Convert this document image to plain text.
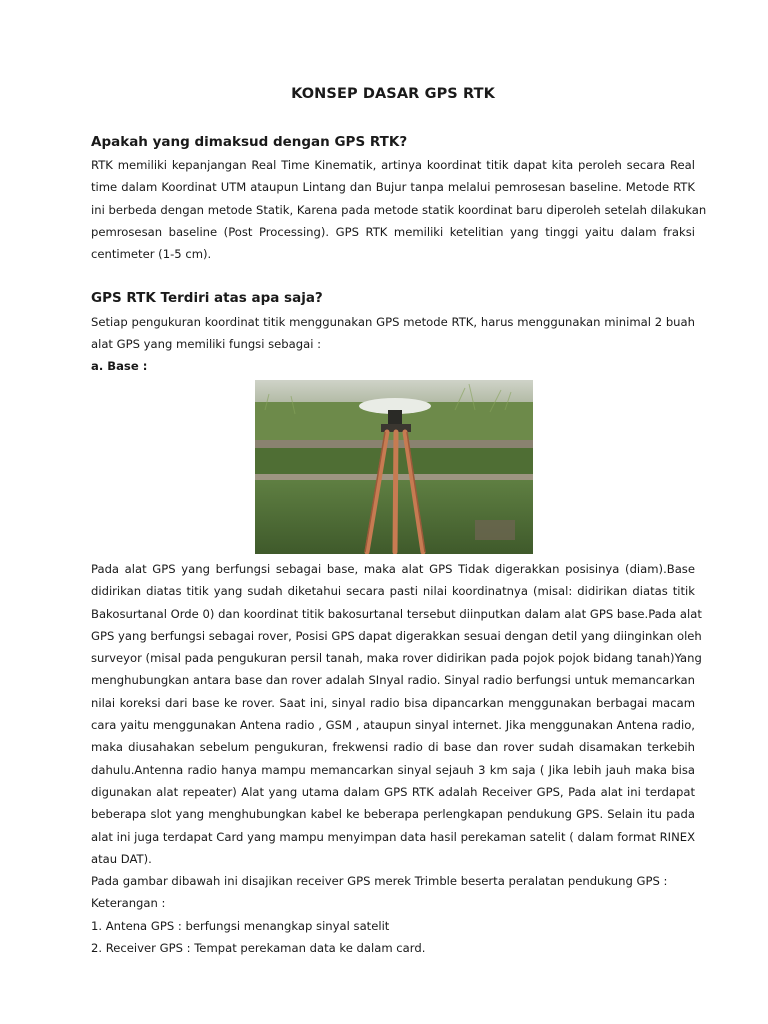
KONSEP DASAR GPS RTK
Apakah yang dimaksud dengan GPS RTK?
RTK memiliki kepanjangan Real Time Kinematik, artinya koordinat titik dapat kita peroleh secara Real
time dalam Koordinat UTM ataupun Lintang dan Bujur tanpa melalui pemrosesan baseline. Metode RTK
ini berbeda dengan metode Statik, Karena pada metode statik koordinat baru diperoleh setelah dilakukan
pemrosesan baseline (Post Processing). GPS RTK memiliki ketelitian yang tinggi yaitu dalam fraksi
centimeter (1-5 cm).
GPS RTK Terdiri atas apa saja?
Setiap pengukuran koordinat titik menggunakan GPS metode RTK, harus menggunakan minimal 2 buah
alat GPS yang memiliki fungsi sebagai :
a. Base :
Pada alat GPS yang berfungsi sebagai base, maka alat GPS Tidak digerakkan posisinya (diam).Base
didirikan diatas titik yang sudah diketahui secara pasti nilai koordinatnya (misal: didirikan diatas titik
Bakosurtanal Orde 0) dan koordinat titik bakosurtanal tersebut diinputkan dalam alat GPS base.Pada alat
GPS yang berfungsi sebagai rover, Posisi GPS dapat digerakkan sesuai dengan detil yang diinginkan oleh
surveyor (misal pada pengukuran persil tanah, maka rover didirikan pada pojok pojok bidang tanah)Yang
menghubungkan antara base dan rover adalah SInyal radio. Sinyal radio berfungsi untuk memancarkan
nilai koreksi dari base ke rover. Saat ini, sinyal radio bisa dipancarkan menggunakan berbagai macam
cara yaitu menggunakan Antena radio , GSM , ataupun sinyal internet. Jika menggunakan Antena radio,
maka diusahakan sebelum pengukuran, frekwensi radio di base dan rover sudah disamakan terkebih
dahulu.Antenna radio hanya mampu memancarkan sinyal sejauh 3 km saja ( Jika lebih jauh maka bisa
digunakan alat repeater) Alat yang utama dalam GPS RTK adalah Receiver GPS, Pada alat ini terdapat
beberapa slot yang menghubungkan kabel ke beberapa perlengkapan pendukung GPS. Selain itu pada
alat ini juga terdapat Card yang mampu menyimpan data hasil perekaman satelit ( dalam format RINEX
atau DAT).
Pada gambar dibawah ini disajikan receiver GPS merek Trimble beserta peralatan pendukung GPS :
Keterangan :
1. Antena GPS : berfungsi menangkap sinyal satelit
2. Receiver GPS : Tempat perekaman data ke dalam card.
